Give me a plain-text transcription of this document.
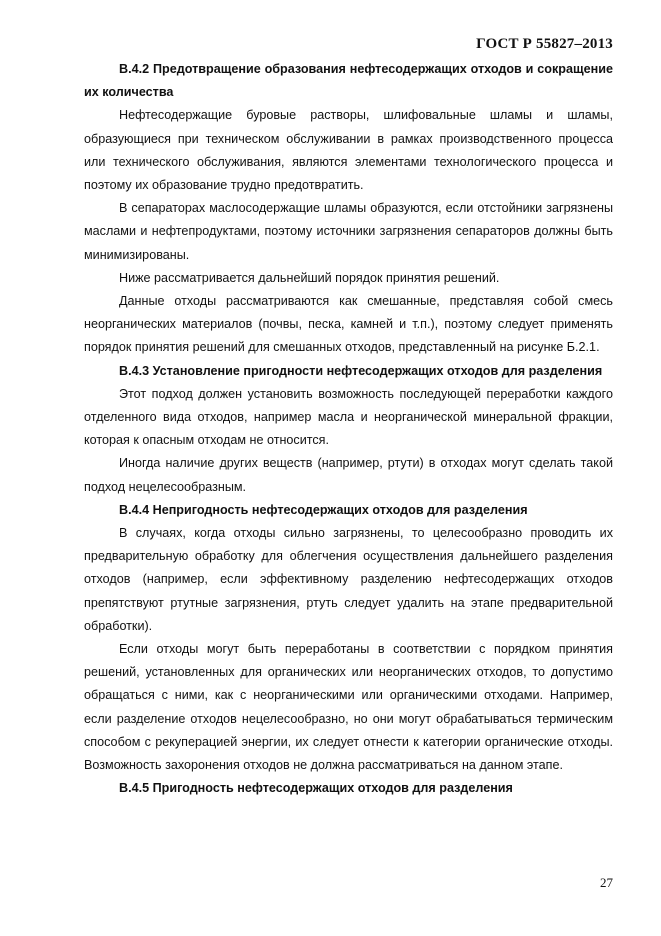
ГОСТ Р 55827–2013

В.4.2 Предотвращение образования нефтесодержащих отходов и сокращение их количества

Нефтесодержащие буровые растворы, шлифовальные шламы и шламы, образующиеся при техническом обслуживании в рамках производственного процесса или технического обслуживания, являются элементами технологического процесса и поэтому их образование трудно предотвратить.

В сепараторах маслосодержащие шламы образуются, если отстойники загрязнены маслами и нефтепродуктами, поэтому источники загрязнения сепараторов должны быть минимизированы.

Ниже рассматривается дальнейший порядок принятия решений.

Данные отходы рассматриваются как смешанные, представляя собой смесь неорганических материалов (почвы, песка, камней и т.п.), поэтому следует применять порядок принятия решений для смешанных отходов, представленный на рисунке Б.2.1.

В.4.3 Установление пригодности нефтесодержащих отходов для разделения

Этот подход должен установить возможность последующей переработки каждого отделенного вида отходов, например масла и неорганической минеральной фракции, которая к опасным отходам не относится.

Иногда наличие других веществ (например, ртути) в отходах могут сделать такой подход нецелесообразным.

В.4.4 Непригодность нефтесодержащих отходов для разделения

В случаях, когда отходы сильно загрязнены, то целесообразно проводить их предварительную обработку для облегчения осуществления дальнейшего разделения отходов (например, если эффективному разделению нефтесодержащих отходов препятствуют ртутные загрязнения, ртуть следует удалить на этапе предварительной обработки).

Если отходы могут быть переработаны в соответствии с порядком принятия решений, установленных для органических или неорганических отходов, то допустимо обращаться с ними, как с неорганическими или органическими отходами. Например, если разделение отходов нецелесообразно, но они могут обрабатываться термическим способом с рекуперацией энергии, их следует отнести к категории органические отходы. Возможность захоронения отходов не должна рассматриваться на данном этапе.

В.4.5 Пригодность нефтесодержащих отходов для разделения

27
